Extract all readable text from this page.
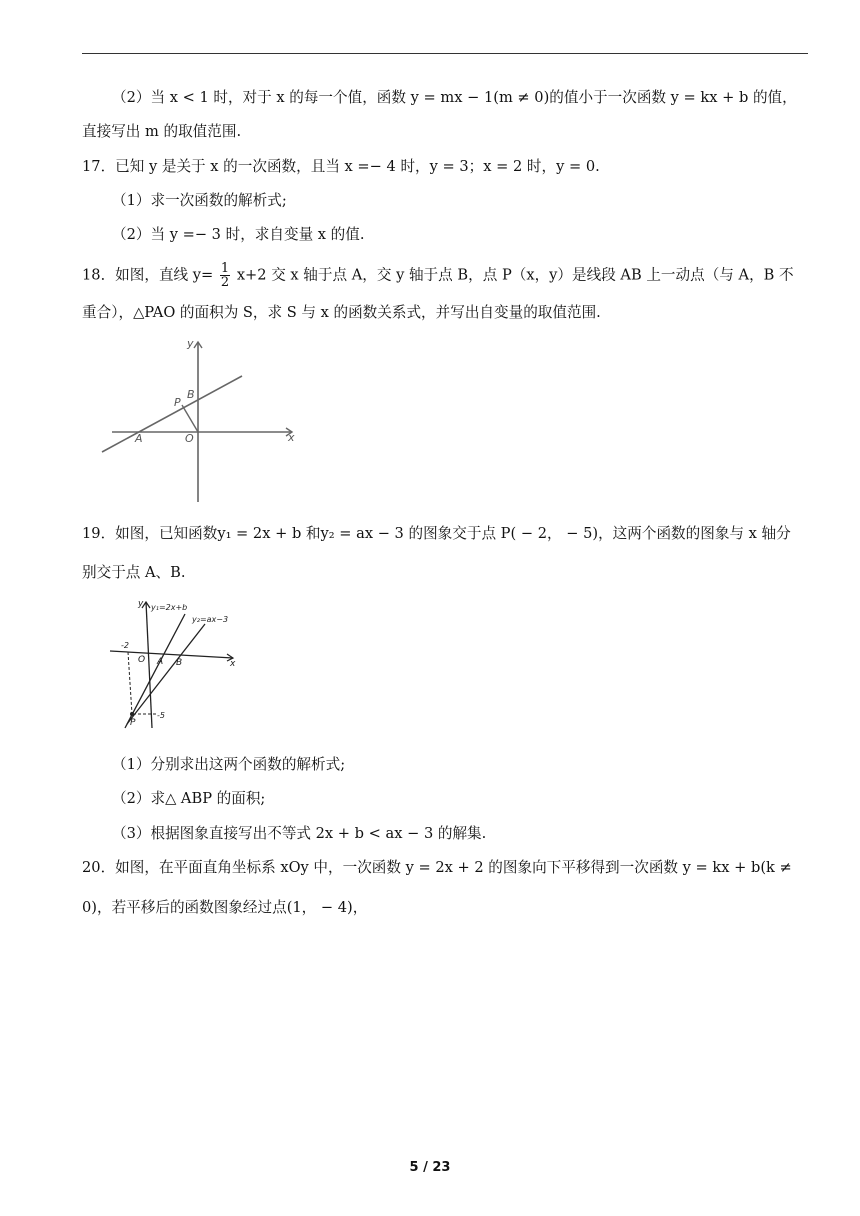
（2）当 x < 1 时，对于 x 的每一个值，函数 y = mx − 1(m ≠ 0)的值小于一次函数 y = kx + b 的值，
直接写出 m 的取值范围.
17．已知 y 是关于 x 的一次函数，且当 x =− 4 时，y = 3；x = 2 时，y = 0.
（1）求一次函数的解析式;
（2）当 y =− 3 时，求自变量 x 的值.
18．如图，直线 $y= \frac{1}{2} x+2$ 交 x 轴于点 A，交 y 轴于点 B，点 P（x，y）是线段 AB 上一动点（与 A，B 不
重合），△PAO 的面积为 S，求 S 与 x 的函数关系式，并写出自变量的取值范围.
y
x
B
P
A	O
19．如图，已知函数y₁ = 2x + b 和y₂ = ax − 3 的图象交于点 P( − 2， − 5)，这两个函数的图象与 x 轴分
别交于点 A、B.
y
x
y₁=2x+b
y₂=ax−3
-2
O A B
-5
P
（1）分别求出这两个函数的解析式;
（2）求△ ABP 的面积;
（3）根据图象直接写出不等式 2x + b < ax − 3 的解集.
20．如图，在平面直角坐标系 xOy 中，一次函数 y = 2x + 2 的图象向下平移得到一次函数 y = kx + b(k ≠
0)，若平移后的函数图象经过点(1， − 4)，
5 / 23
